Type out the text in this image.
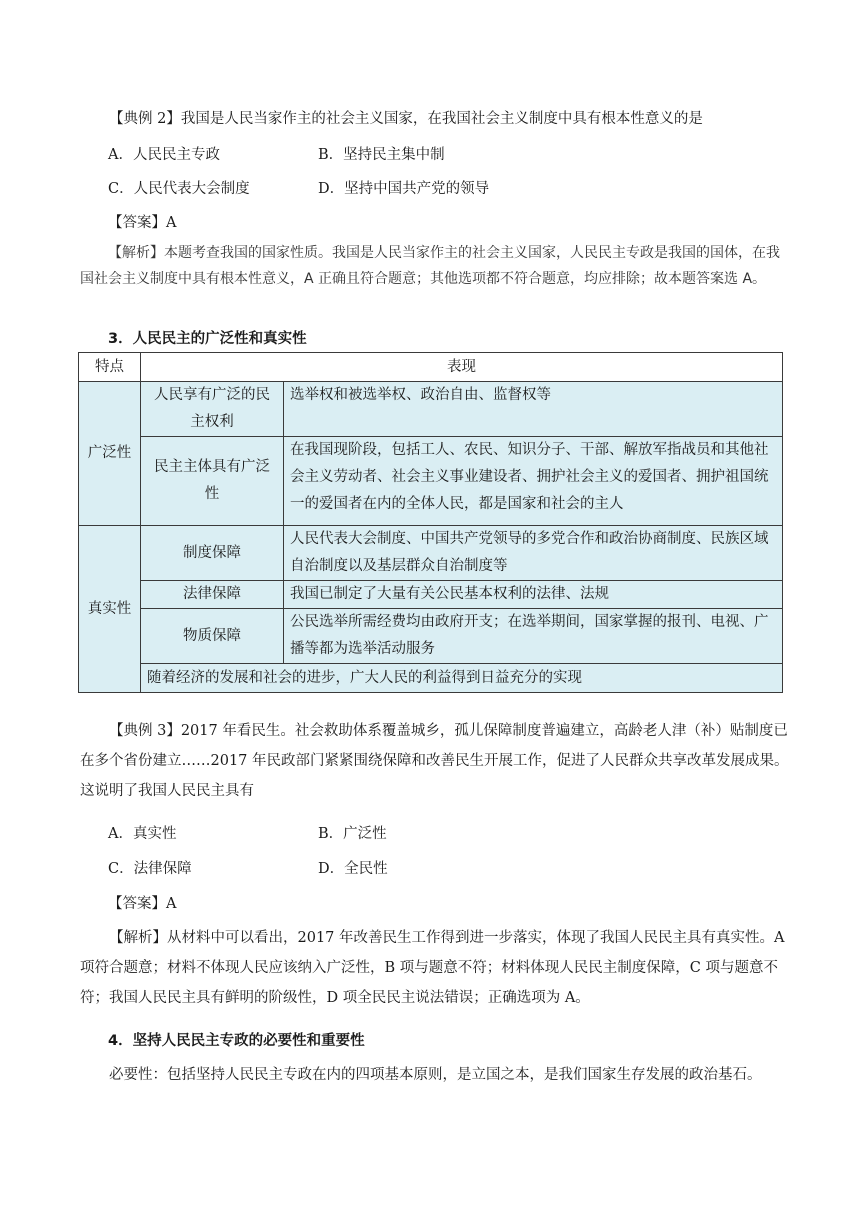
【典例 2】我国是人民当家作主的社会主义国家，在我国社会主义制度中具有根本性意义的是

A．人民民主专政	B．坚持民主集中制
C．人民代表大会制度	D．坚持中国共产党的领导
【答案】A
【解析】本题考查我国的国家性质。我国是人民当家作主的社会主义国家，人民民主专政是我国的国体，在我国社会主义制度中具有根本性意义，A 正确且符合题意；其他选项都不符合题意，均应排除；故本题答案选 A。
3．人民民主的广泛性和真实性
特点	表现	
广泛性	人民享有广泛的民主权利	选举权和被选举权、政治自由、监督权等
	民主主体具有广泛性	在我国现阶段，包括工人、农民、知识分子、干部、解放军指战员和其他社会主义劳动者、社会主义事业建设者、拥护社会主义的爱国者、拥护祖国统一的爱国者在内的全体人民，都是国家和社会的主人
真实性	制度保障	人民代表大会制度、中国共产党领导的多党合作和政治协商制度、民族区域自治制度以及基层群众自治制度等
	法律保障	我国已制定了大量有关公民基本权利的法律、法规
	物质保障	公民选举所需经费均由政府开支；在选举期间，国家掌握的报刊、电视、广播等都为选举活动服务
	随着经济的发展和社会的进步，广大人民的利益得到日益充分的实现	

【典例 3】2017 年看民生。社会救助体系覆盖城乡，孤儿保障制度普遍建立，高龄老人津（补）贴制度已在多个省份建立……2017 年民政部门紧紧围绕保障和改善民生开展工作，促进了人民群众共享改革发展成果。这说明了我国人民民主具有

A．真实性	B．广泛性
C．法律保障	D．全民性
【答案】A

【解析】从材料中可以看出，2017 年改善民生工作得到进一步落实，体现了我国人民民主具有真实性。A 项符合题意；材料不体现人民应该纳入广泛性，B 项与题意不符；材料体现人民民主制度保障，C 项与题意不符；我国人民民主具有鲜明的阶级性，D 项全民民主说法错误；正确选项为 A。

4．坚持人民民主专政的必要性和重要性

必要性：包括坚持人民民主专政在内的四项基本原则，是立国之本，是我们国家生存发展的政治基石。
